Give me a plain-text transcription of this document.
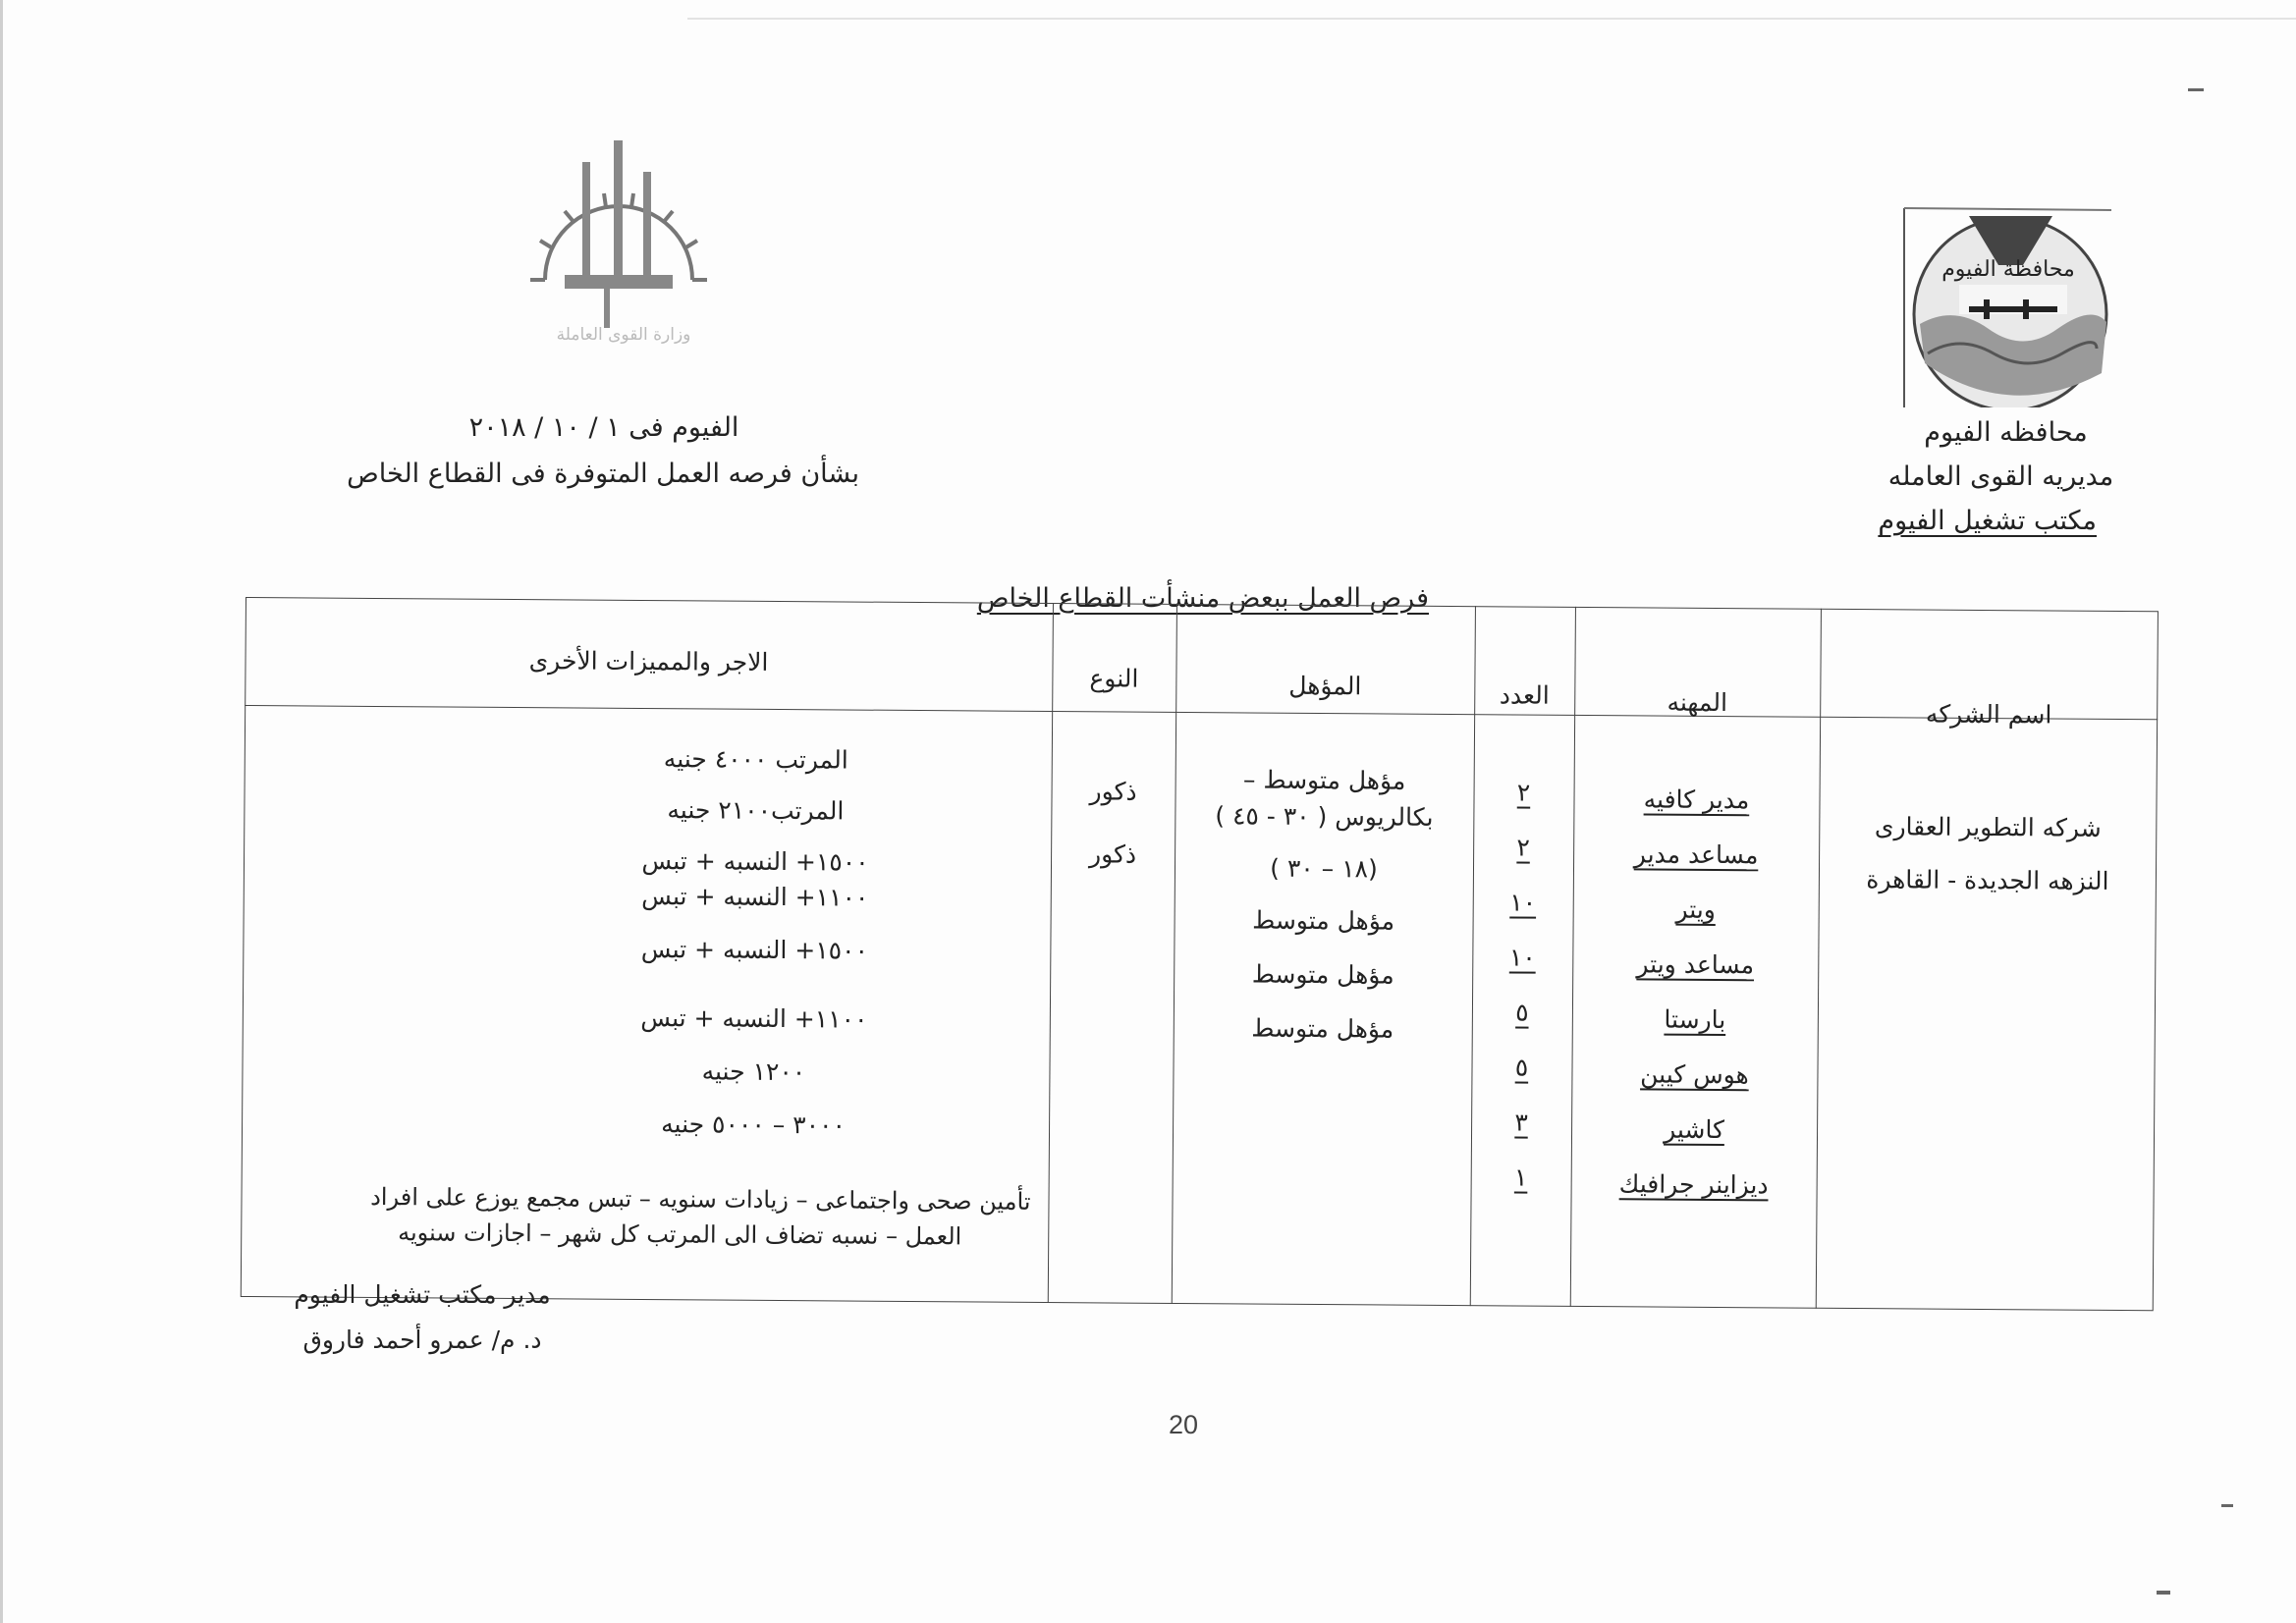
وزارة القوى العاملة
محافظة الفيوم
محافظه الفيوم
مديريه القوى العامله
مكتب تشغيل الفيوم
الفيوم فى ١ / ١٠ / ٢٠١٨
بشأن فرصه العمل المتوفرة فى القطاع الخاص
فرص العمل ببعض منشأت القطاع الخاص
اسم الشركه
المهنه
العدد
المؤهل
النوع
الاجر والمميزات الأخرى
شركه التطوير العقارى
النزهه الجديدة - القاهرة
مدير كافيه
مساعد مدير
ويتر
مساعد ويتر
بارستا
هوس كيبن
كاشير
ديزاينر جرافيك
٢
٢
١٠
١٠
٥
٥
٣
١
مؤهل متوسط –
بكالريوس ( ٣٠ - ٤٥ )
(١٨ – ٣٠ )
مؤهل متوسط
مؤهل متوسط
مؤهل متوسط
ذكور
ذكور
المرتب ٤٠٠٠ جنيه
المرتب٢١٠٠ جنيه
١٥٠٠+ النسبه + تبس
١١٠٠+ النسبه + تبس
١٥٠٠+ النسبه + تبس
١١٠٠+ النسبه + تبس
١٢٠٠ جنيه
٣٠٠٠ – ٥٠٠٠ جنيه
تأمين صحى واجتماعى – زيادات سنويه – تبس مجمع يوزع على افراد
العمل – نسبه تضاف الى المرتب كل شهر – اجازات سنويه
مدير مكتب تشغيل الفيوم
د. م/ عمرو أحمد فاروق
20
